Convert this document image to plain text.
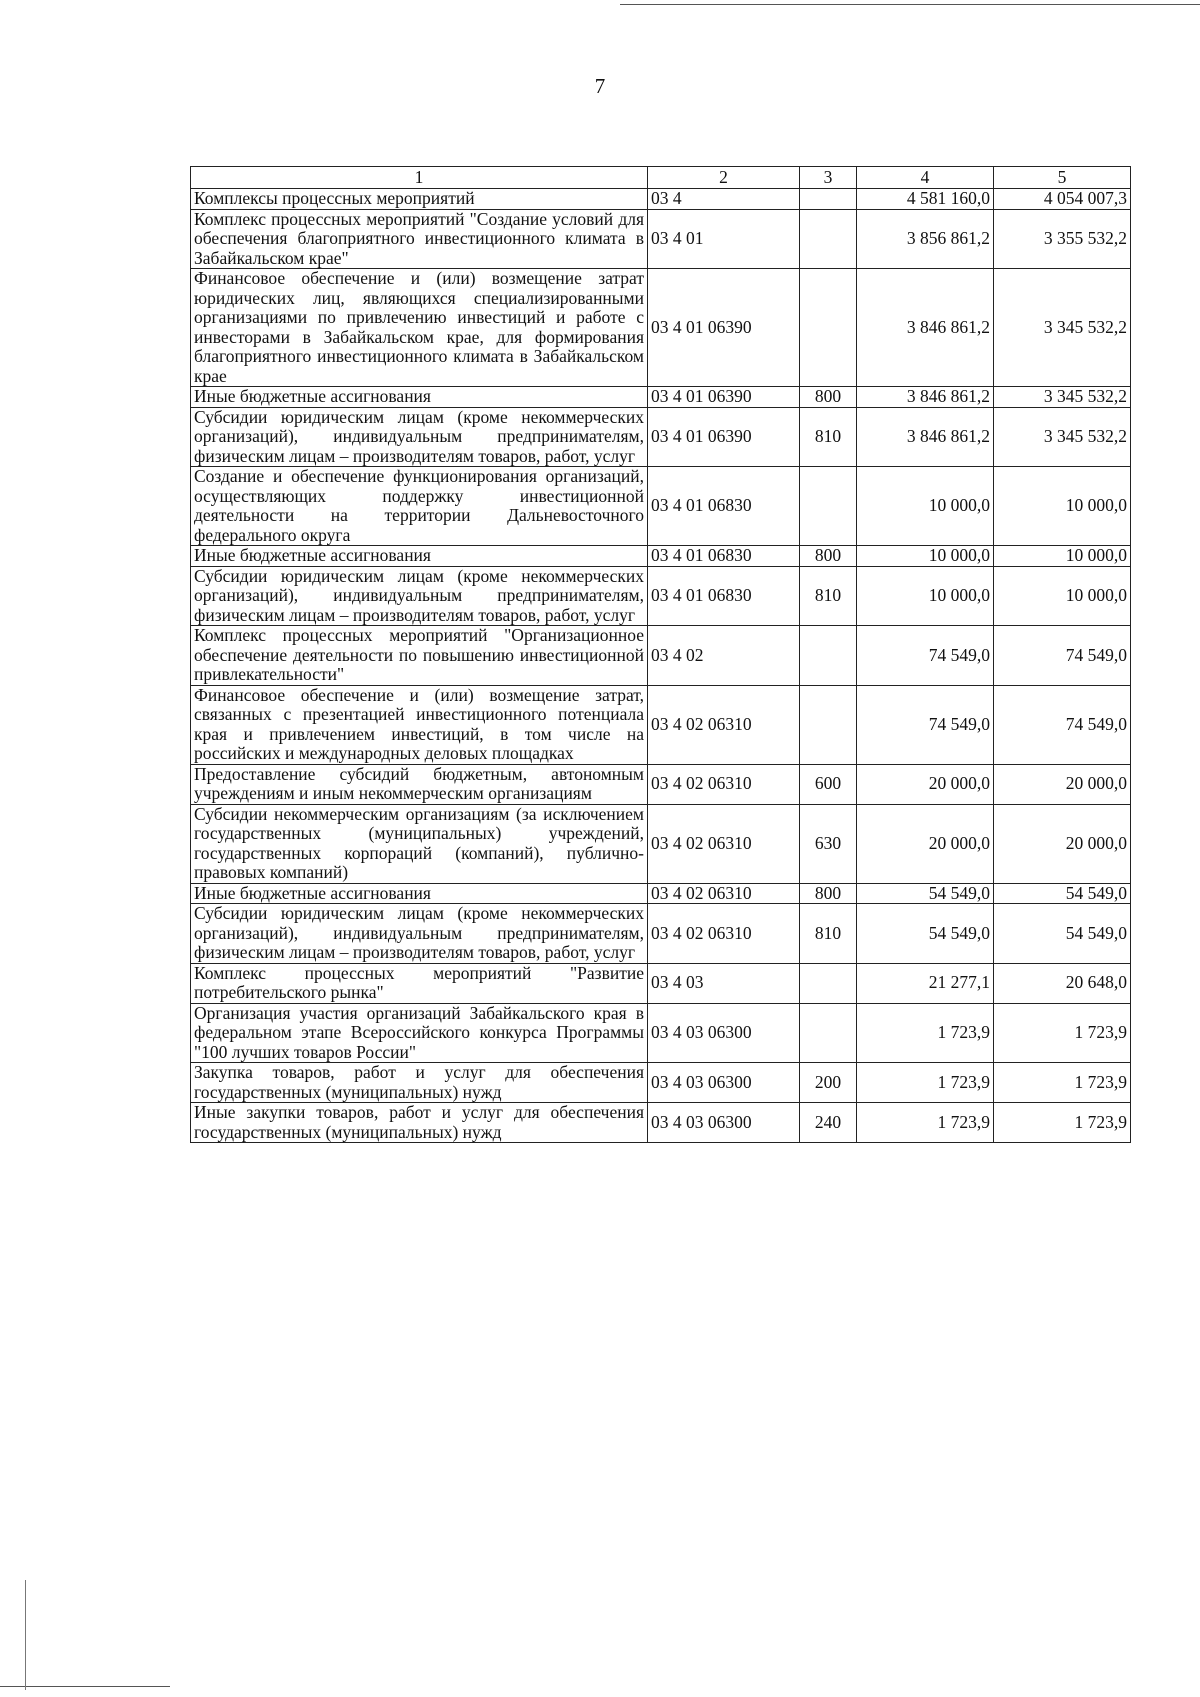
7
1	2	3	4	5
Комплексы процессных мероприятий	03 4		4 581 160,0	4 054 007,3
Комплекс процессных мероприятий "Создание условий для обеспечения благоприятного инвестиционного климата в Забайкальском крае"	03 4 01		3 856 861,2	3 355 532,2
Финансовое обеспечение и (или) возмещение затрат юридических лиц, являющихся специализированными организациями по привлечению инвестиций и работе с инвесторами в Забайкальском крае, для формирования благоприятного инвестиционного климата в Забайкальском крае	03 4 01 06390		3 846 861,2	3 345 532,2
Иные бюджетные ассигнования	03 4 01 06390	800	3 846 861,2	3 345 532,2
Субсидии юридическим лицам (кроме некоммерческих организаций), индивидуальным предпринимателям, физическим лицам – производителям товаров, работ, услуг	03 4 01 06390	810	3 846 861,2	3 345 532,2
Создание и обеспечение функционирования организаций, осуществляющих поддержку инвестиционной деятельности на территории Дальневосточного федерального округа	03 4 01 06830		10 000,0	10 000,0
Иные бюджетные ассигнования	03 4 01 06830	800	10 000,0	10 000,0
Субсидии юридическим лицам (кроме некоммерческих организаций), индивидуальным предпринимателям, физическим лицам – производителям товаров, работ, услуг	03 4 01 06830	810	10 000,0	10 000,0
Комплекс процессных мероприятий "Организационное обеспечение деятельности по повышению инвестиционной привлекательности"	03 4 02		74 549,0	74 549,0
Финансовое обеспечение и (или) возмещение затрат, связанных с презентацией инвестиционного потенциала края и привлечением инвестиций, в том числе на российских и международных деловых площадках	03 4 02 06310		74 549,0	74 549,0
Предоставление субсидий бюджетным, автономным учреждениям и иным некоммерческим организациям	03 4 02 06310	600	20 000,0	20 000,0
Субсидии некоммерческим организациям (за исключением государственных (муниципальных) учреждений, государственных корпораций (компаний), публично-правовых компаний)	03 4 02 06310	630	20 000,0	20 000,0
Иные бюджетные ассигнования	03 4 02 06310	800	54 549,0	54 549,0
Субсидии юридическим лицам (кроме некоммерческих организаций), индивидуальным предпринимателям, физическим лицам – производителям товаров, работ, услуг	03 4 02 06310	810	54 549,0	54 549,0
Комплекс процессных мероприятий "Развитие потребительского рынка"	03 4 03		21 277,1	20 648,0
Организация участия организаций Забайкальского края в федеральном этапе Всероссийского конкурса Программы "100 лучших товаров России"	03 4 03 06300		1 723,9	1 723,9
Закупка товаров, работ и услуг для обеспечения государственных (муниципальных) нужд	03 4 03 06300	200	1 723,9	1 723,9
Иные закупки товаров, работ и услуг для обеспечения государственных (муниципальных) нужд	03 4 03 06300	240	1 723,9	1 723,9
